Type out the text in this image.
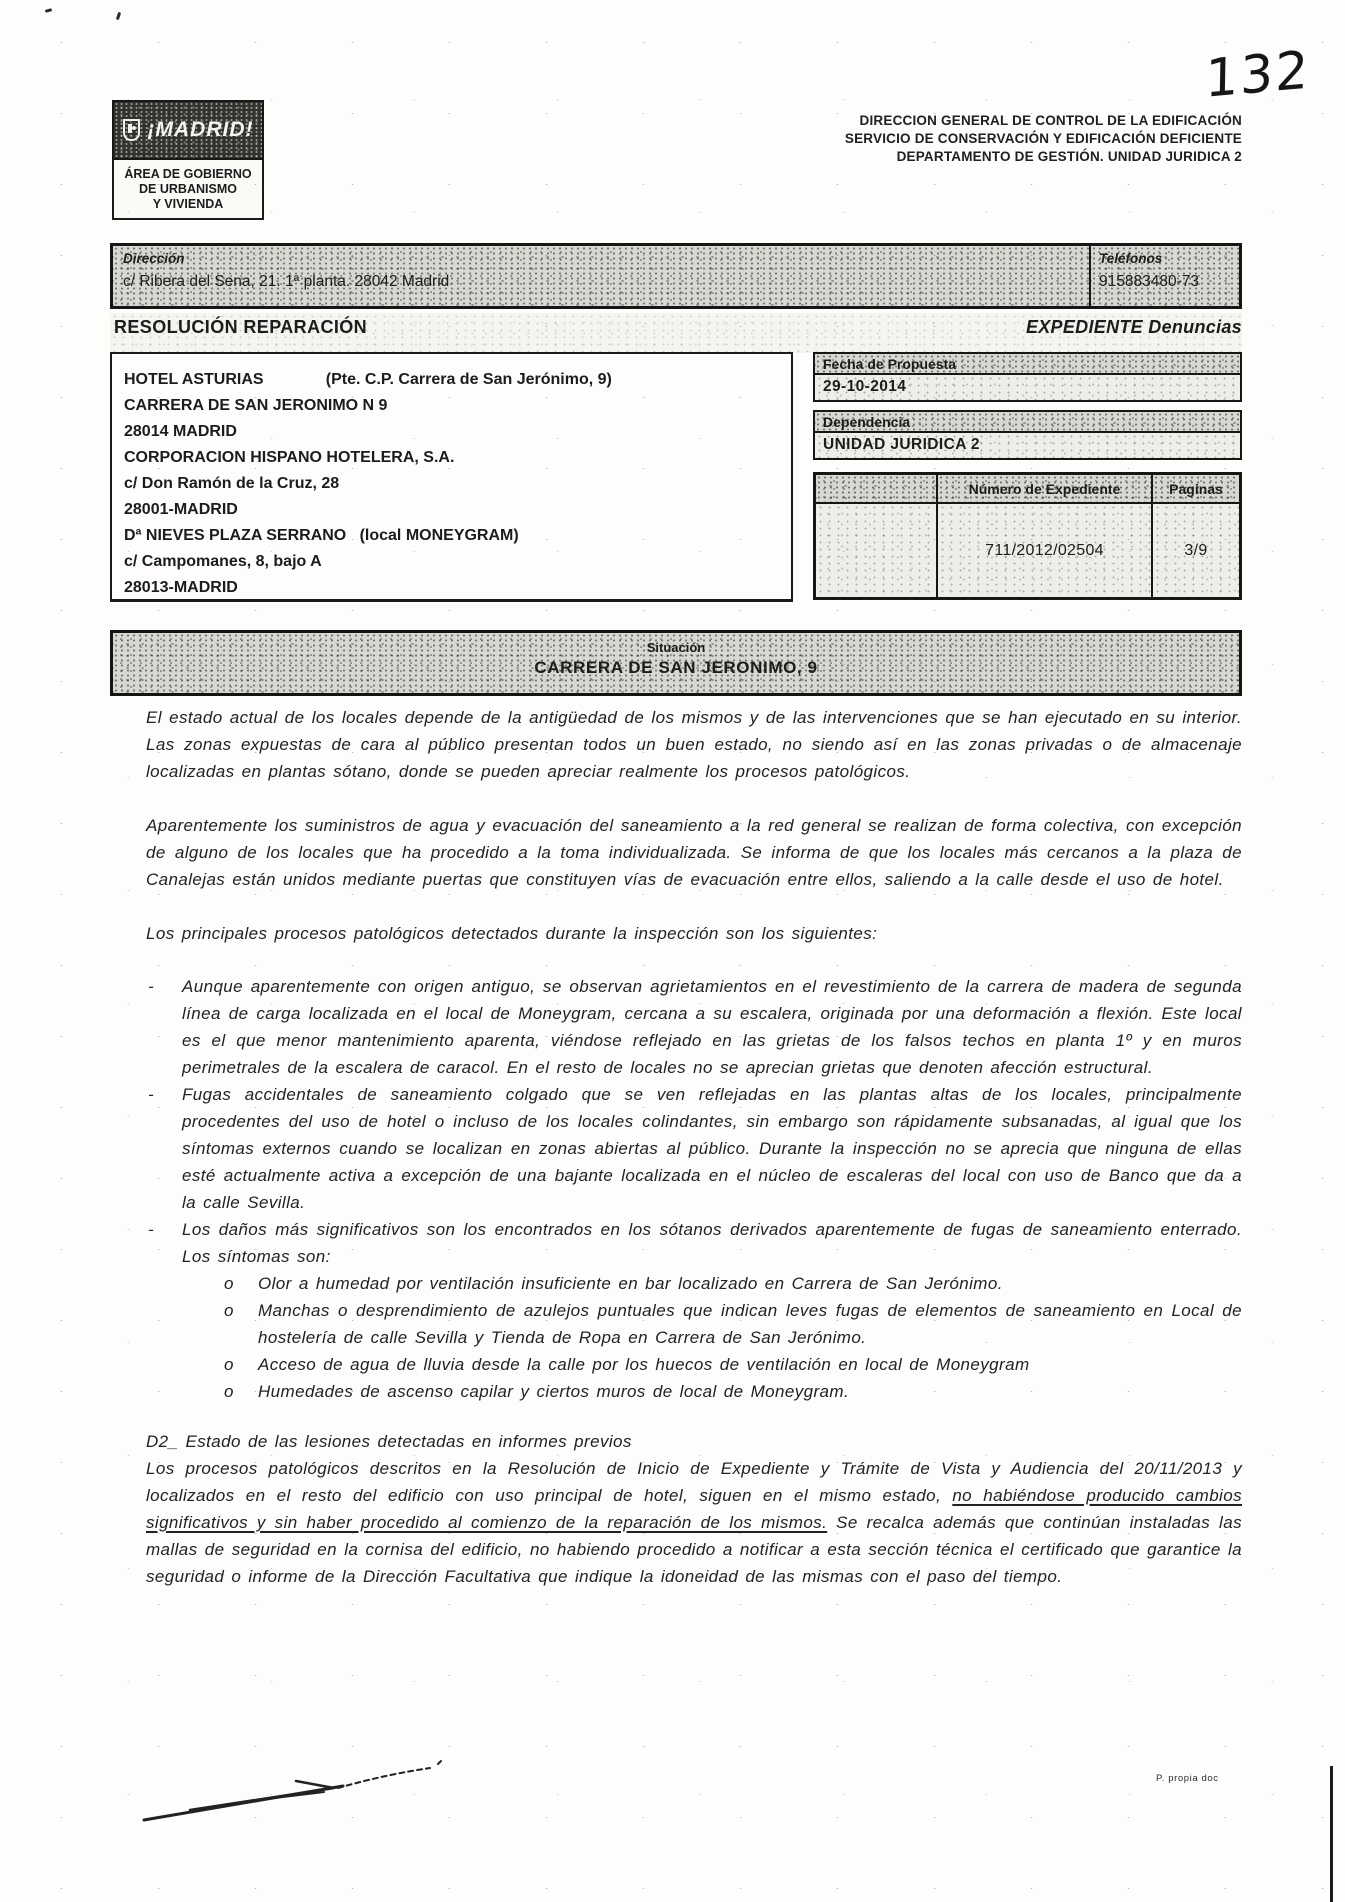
132
¡MADRID!
ÁREA DE GOBIERNO
DE URBANISMO
Y VIVIENDA
DIRECCION GENERAL DE CONTROL DE LA EDIFICACIÓN
SERVICIO DE CONSERVACIÓN Y EDIFICACIÓN DEFICIENTE
DEPARTAMENTO DE GESTIÓN. UNIDAD JURIDICA 2
Dirección
c/ Ribera del Sena, 21. 1ª planta. 28042 Madrid
Teléfonos
915883480-73
RESOLUCIÓN REPARACIÓN	EXPEDIENTE Denuncias
HOTEL ASTURIAS              (Pte. C.P. Carrera de San Jerónimo, 9)
CARRERA DE SAN JERONIMO N 9
28014 MADRID
CORPORACION HISPANO HOTELERA, S.A.
c/ Don Ramón de la Cruz, 28
28001-MADRID
Dª NIEVES PLAZA SERRANO   (local MONEYGRAM)
c/ Campomanes, 8, bajo A
28013-MADRID
Fecha de Propuesta
29-10-2014
Dependencia
UNIDAD JURIDICA 2
Número de Expediente	Paginas
711/2012/02504	3/9
Situación
CARRERA DE SAN JERONIMO, 9

El estado actual de los locales depende de la antigüedad de los mismos y de las intervenciones que se han ejecutado en su interior. Las zonas expuestas de cara al público presentan todos un buen estado, no siendo así en las zonas privadas o de almacenaje localizadas en plantas sótano, donde se pueden apreciar realmente los procesos patológicos.

Aparentemente los suministros de agua y evacuación del saneamiento a la red general se realizan de forma colectiva, con excepción de alguno de los locales que ha procedido a la toma individualizada. Se informa de que los locales más cercanos a la plaza de Canalejas están unidos mediante puertas que constituyen vías de evacuación entre ellos, saliendo a la calle desde el uso de hotel.

Los principales procesos patológicos detectados durante la inspección son los siguientes:

-	Aunque aparentemente con origen antiguo, se observan agrietamientos en el revestimiento de la carrera de madera de segunda línea de carga localizada en el local de Moneygram, cercana a su escalera, originada por una deformación a flexión. Este local es el que menor mantenimiento aparenta, viéndose reflejado en las grietas de los falsos techos en planta 1º y en muros perimetrales de la escalera de caracol. En el resto de locales no se aprecian grietas que denoten afección estructural.
-	Fugas accidentales de saneamiento colgado que se ven reflejadas en las plantas altas de los locales, principalmente procedentes del uso de hotel o incluso de los locales colindantes, sin embargo son rápidamente subsanadas, al igual que los síntomas externos cuando se localizan en zonas abiertas al público. Durante la inspección no se aprecia que ninguna de ellas esté actualmente activa a excepción de una bajante localizada en el núcleo de escaleras del local con uso de Banco que da a la calle Sevilla.
-	Los daños más significativos son los encontrados en los sótanos derivados aparentemente de fugas de saneamiento enterrado. Los síntomas son:
o	Olor a humedad por ventilación insuficiente en bar localizado en Carrera de San Jerónimo.
o	Manchas o desprendimiento de azulejos puntuales que indican leves fugas de elementos de saneamiento en Local de hostelería de calle Sevilla y Tienda de Ropa en Carrera de San Jerónimo.
o	Acceso de agua de lluvia desde la calle por los huecos de ventilación en local de Moneygram
o	Humedades de ascenso capilar y ciertos muros de local de Moneygram.
D2_ Estado de las lesiones detectadas en informes previos

Los procesos patológicos descritos en la Resolución de Inicio de Expediente y Trámite de Vista y Audiencia del 20/11/2013 y localizados en el resto del edificio con uso principal de hotel, siguen en el mismo estado, no habiéndose producido cambios significativos y sin haber procedido al comienzo de la reparación de los mismos. Se recalca además que continúan instaladas las mallas de seguridad en la cornisa del edificio, no habiendo procedido a notificar a esta sección técnica el certificado que garantice la seguridad o informe de la Dirección Facultativa que indique la idoneidad de las mismas con el paso del tiempo.

P. propia doc
